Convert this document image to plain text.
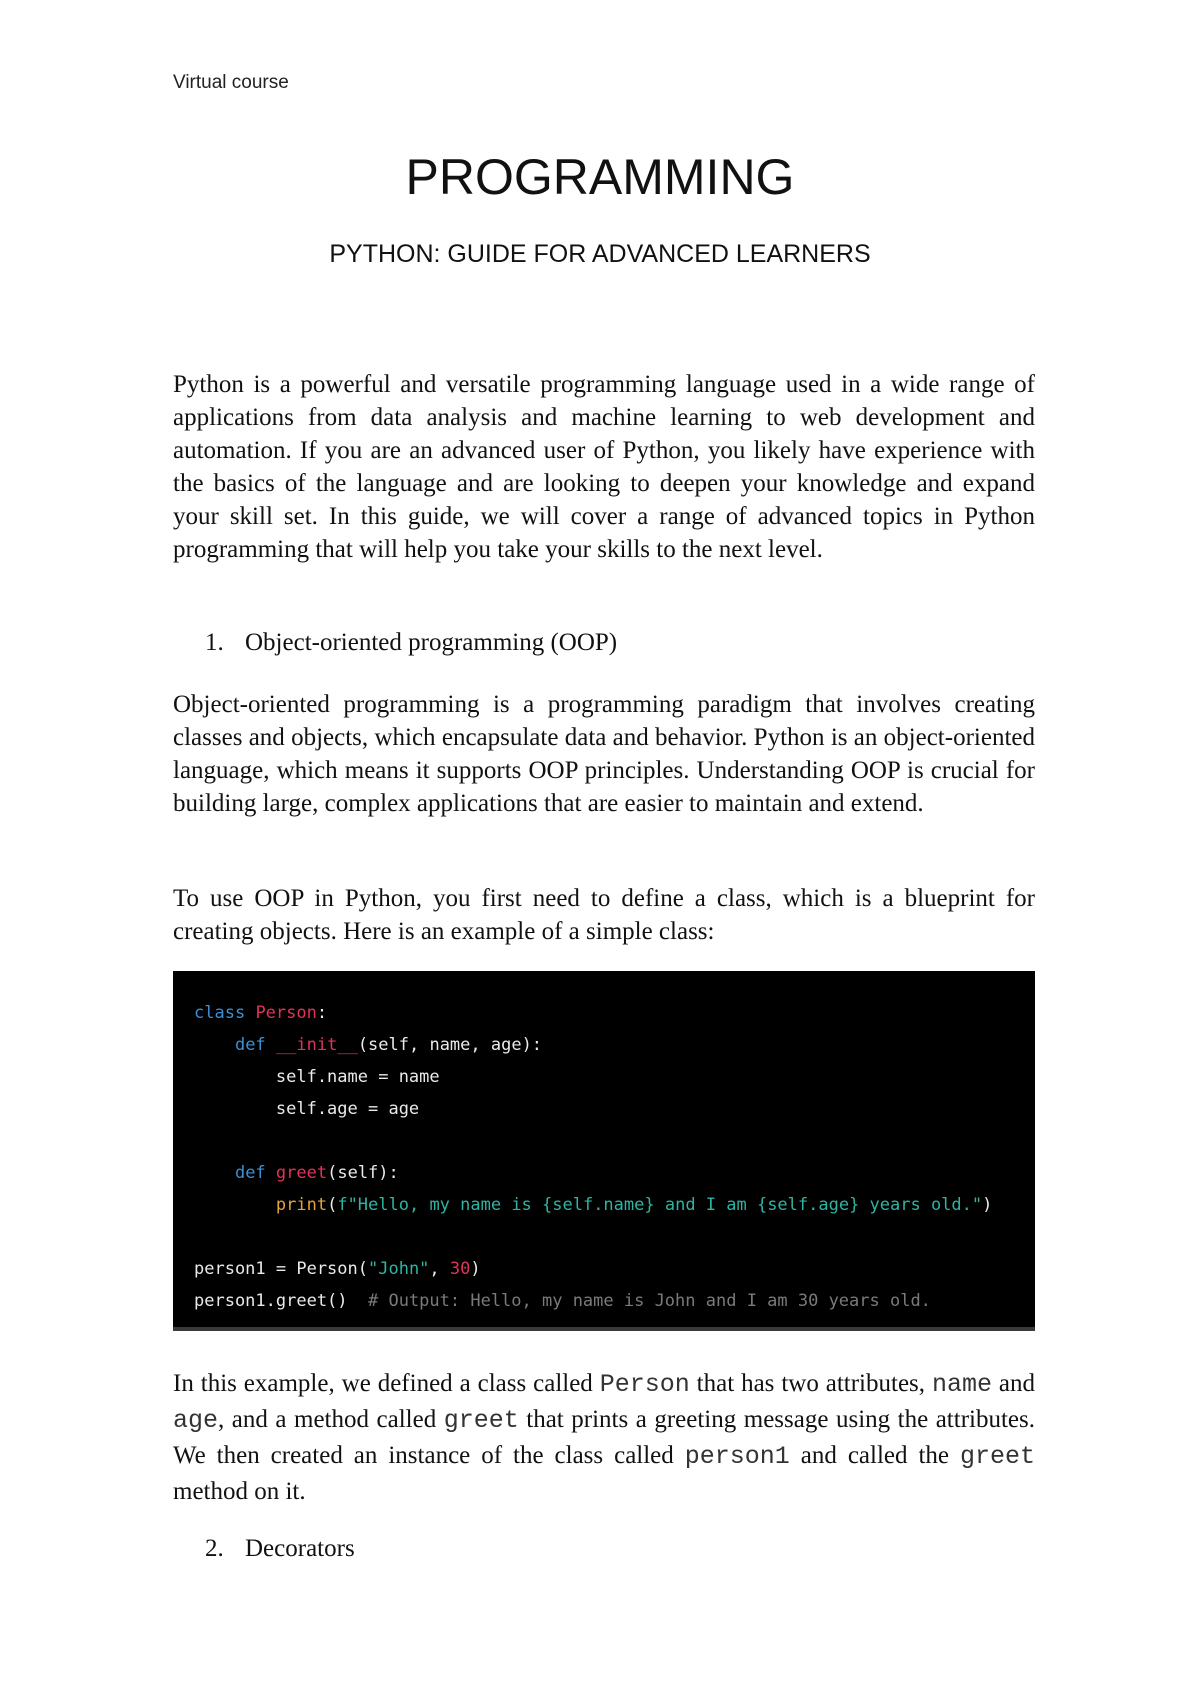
Virtual course
PROGRAMMING
PYTHON: GUIDE FOR ADVANCED LEARNERS

Python is a powerful and versatile programming language used in a wide range of applications from data analysis and machine learning to web development and automation. If you are an advanced user of Python, you likely have experience with the basics of the language and are looking to deepen your knowledge and expand your skill set. In this guide, we will cover a range of advanced topics in Python programming that will help you take your skills to the next level.

1. Object-oriented programming (OOP)

Object-oriented programming is a programming paradigm that involves creating classes and objects, which encapsulate data and behavior. Python is an object-oriented language, which means it supports OOP principles. Understanding OOP is crucial for building large, complex applications that are easier to maintain and extend.

To use OOP in Python, you first need to define a class, which is a blueprint for creating objects. Here is an example of a simple class:

class Person:
def __init__(self, name, age):
self.name = name
self.age = age
def greet(self):
print(f"Hello, my name is {self.name} and I am {self.age} years old.")
person1 = Person("John", 30)
person1.greet()  # Output: Hello, my name is John and I am 30 years old.

In this example, we defined a class called Person that has two attributes, name and age, and a method called greet that prints a greeting message using the attributes. We then created an instance of the class called person1 and called the greet method on it.

2. Decorators
